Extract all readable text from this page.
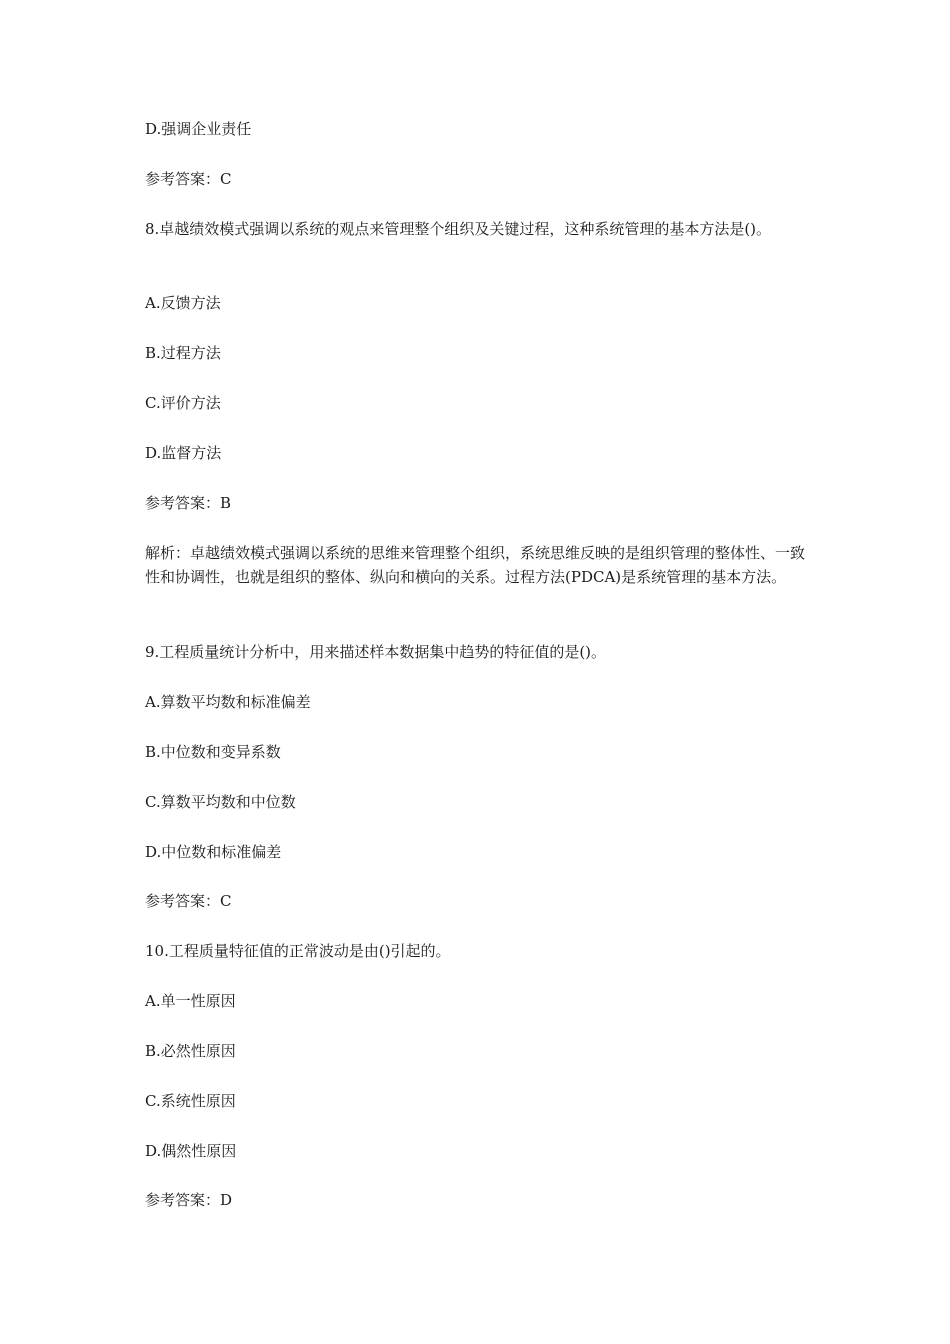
D.强调企业责任
参考答案：C
8.卓越绩效模式强调以系统的观点来管理整个组织及关键过程，这种系统管理的基本方法是()。
A.反馈方法
B.过程方法
C.评价方法
D.监督方法
参考答案：B
解析：卓越绩效模式强调以系统的思维来管理整个组织，系统思维反映的是组织管理的整体性、一致性和协调性，也就是组织的整体、纵向和横向的关系。过程方法(PDCA)是系统管理的基本方法。
9.工程质量统计分析中，用来描述样本数据集中趋势的特征值的是()。
A.算数平均数和标准偏差
B.中位数和变异系数
C.算数平均数和中位数
D.中位数和标准偏差
参考答案：C
10.工程质量特征值的正常波动是由()引起的。
A.单一性原因
B.必然性原因
C.系统性原因
D.偶然性原因
参考答案：D
